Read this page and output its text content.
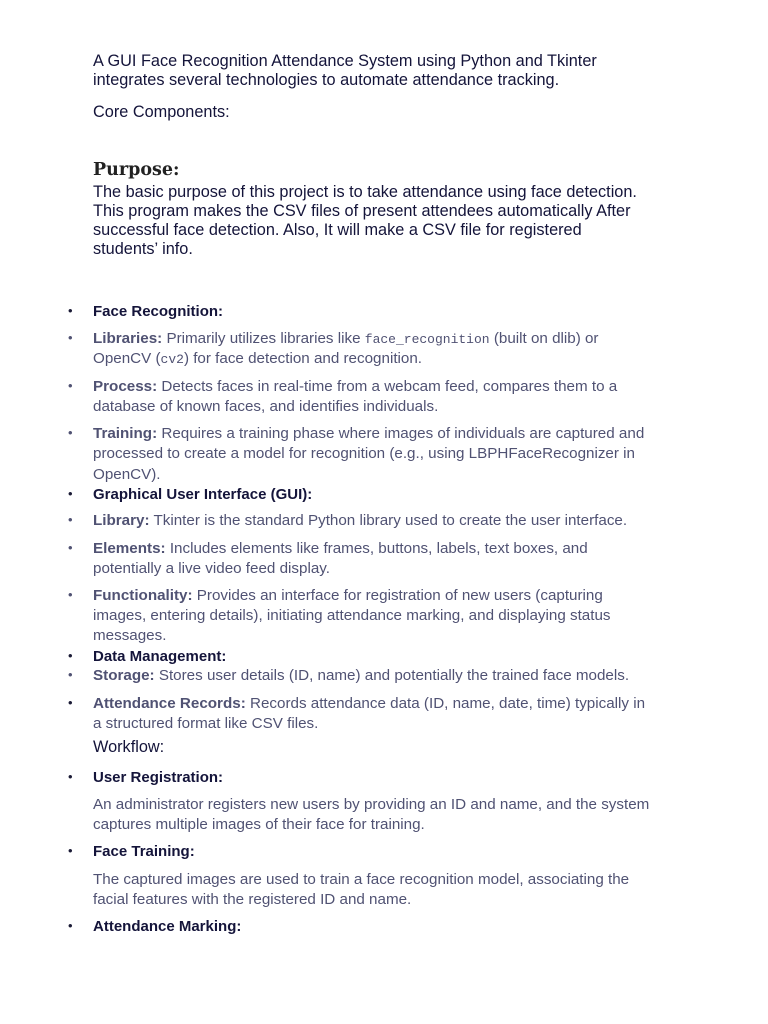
A GUI Face Recognition Attendance System using Python and Tkinter

integrates several technologies to automate attendance tracking.

Core Components:

Purpose:

The basic purpose of this project is to take attendance using face detection.

This program makes the CSV files of present attendees automatically After

successful face detection. Also, It will make a CSV file for registered

students’ info.

• Face Recognition:

• Libraries: Primarily utilizes libraries like face_recognition (built on dlib) or

OpenCV (cv2) for face detection and recognition.

• Process: Detects faces in real-time from a webcam feed, compares them to a

database of known faces, and identifies individuals.

• Training: Requires a training phase where images of individuals are captured and

processed to create a model for recognition (e.g., using LBPHFaceRecognizer in

OpenCV).

• Graphical User Interface (GUI):

• Library: Tkinter is the standard Python library used to create the user interface.

• Elements: Includes elements like frames, buttons, labels, text boxes, and

potentially a live video feed display.

• Functionality: Provides an interface for registration of new users (capturing

images, entering details), initiating attendance marking, and displaying status

messages.

• Data Management:

• Storage: Stores user details (ID, name) and potentially the trained face models.

• Attendance Records: Records attendance data (ID, name, date, time) typically in

a structured format like CSV files.

Workflow:

• User Registration:

An administrator registers new users by providing an ID and name, and the system

captures multiple images of their face for training.

• Face Training:

The captured images are used to train a face recognition model, associating the

facial features with the registered ID and name.

• Attendance Marking:
